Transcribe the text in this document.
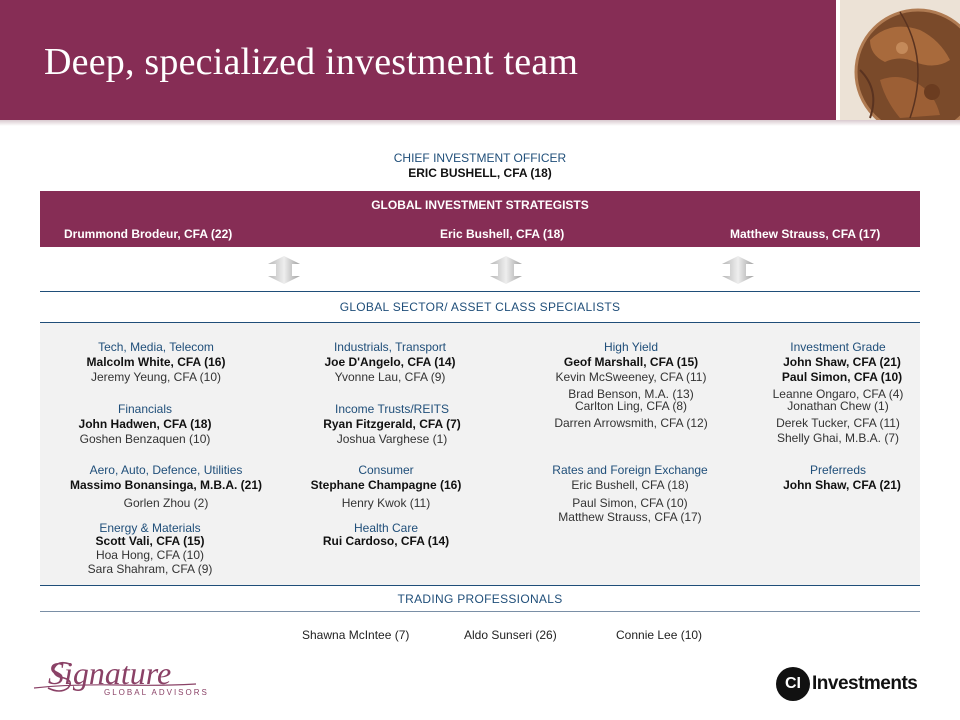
Deep, specialized investment team
CHIEF INVESTMENT OFFICER
ERIC BUSHELL, CFA (18)
GLOBAL INVESTMENT STRATEGISTS
Drummond Brodeur, CFA (22)	Eric Bushell, CFA (18)	Matthew Strauss, CFA (17)
GLOBAL SECTOR/ ASSET CLASS SPECIALISTS
Tech, Media, Telecom
Malcolm White, CFA (16)
Jeremy Yeung, CFA (10)
Financials
John Hadwen, CFA (18)
Goshen Benzaquen (10)
Aero, Auto, Defence, Utilities
Massimo Bonansinga, M.B.A. (21)
Gorlen Zhou (2)
Energy & Materials
Scott Vali, CFA (15)
Hoa Hong, CFA (10)
Sara Shahram, CFA (9)
Industrials, Transport
Joe D'Angelo, CFA (14)
Yvonne Lau, CFA (9)
Income Trusts/REITS
Ryan Fitzgerald, CFA (7)
Joshua Varghese (1)
Consumer
Stephane Champagne (16)
Henry Kwok (11)
Health Care
Rui Cardoso, CFA (14)
High Yield
Geof Marshall, CFA (15)
Kevin McSweeney, CFA (11)
Brad Benson, M.A. (13)
Carlton Ling, CFA (8)
Darren Arrowsmith, CFA (12)
Rates and Foreign Exchange
Eric Bushell, CFA (18)
Paul Simon, CFA (10)
Matthew Strauss, CFA (17)
Investment Grade
John Shaw, CFA (21)
Paul Simon, CFA (10)
Leanne Ongaro, CFA (4)
Jonathan Chew (1)
Derek Tucker, CFA (11)
Shelly Ghai, M.B.A. (7)
Preferreds
John Shaw, CFA (21)
TRADING PROFESSIONALS
Shawna McIntee (7)	Aldo Sunseri (26)	Connie Lee (10)
Signature
GLOBAL ADVISORS
CI Investments
